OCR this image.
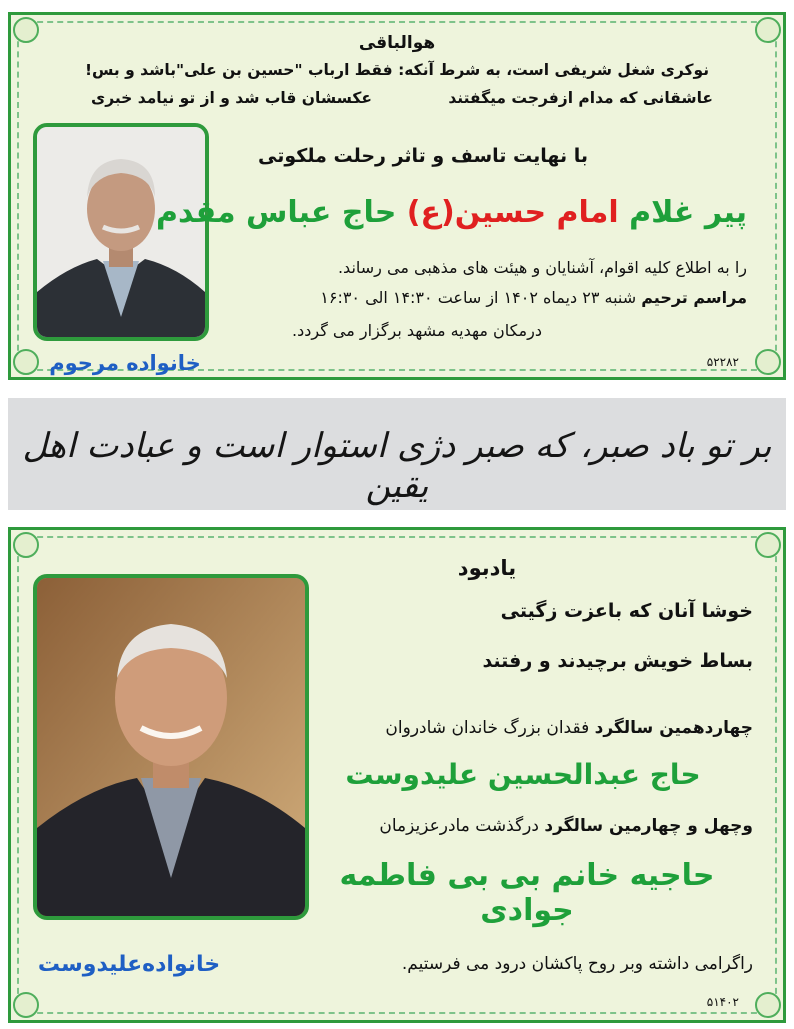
هوالباقی
نوکری شغل شریفی است، به شرط آنکه: فقط ارباب "حسین بن علی"باشد و بس!
عاشقانی که مدام ازفرجت میگفتند
عکسشان قاب شد و از تو نیامد خبری
با نهایت تاسف و تاثر رحلت ملکوتی
پیر غلام امام حسین(ع) حاج عباس مقدم
را به اطلاع کلیه اقوام، آشنایان و هیئت های مذهبی می رساند.
مراسم ترحیم شنبه ۲۳ دیماه ۱۴۰۲ از ساعت ۱۴:۳۰ الی ۱۶:۳۰
درمکان مهدیه مشهد برگزار می گردد.
۵۲۲۸۲
خانواده مرحوم
بر تو باد صبر، که صبر دژی استوار است و عبادت اهل یقین
یادبود
خوشا آنان که باعزت زگیتی
بساط خویش برچیدند و رفتند
چهاردهمین سالگرد فقدان بزرگ خاندان شادروان
حاج عبدالحسین علیدوست
وچهل و چهارمین سالگرد درگذشت مادرعزیزمان
حاجیه خانم بی بی فاطمه جوادی
راگرامی داشته وبر روح پاکشان درود می فرستیم.
خانواده‌علیدوست
۵۱۴۰۲
